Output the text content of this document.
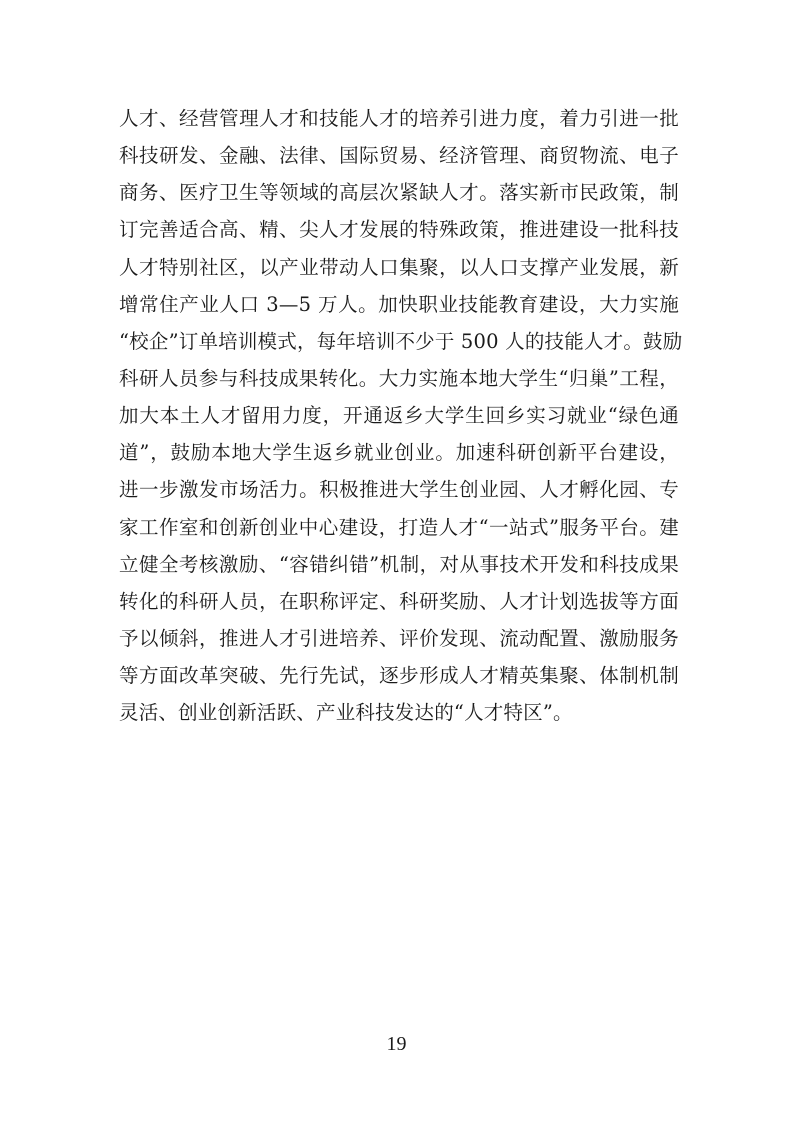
人才、经营管理人才和技能人才的培养引进力度，着力引进一批
科技研发、金融、法律、国际贸易、经济管理、商贸物流、电子
商务、医疗卫生等领域的高层次紧缺人才。落实新市民政策，制
订完善适合高、精、尖人才发展的特殊政策，推进建设一批科技
人才特别社区，以产业带动人口集聚，以人口支撑产业发展，新
增常住产业人口 3—5 万人。加快职业技能教育建设，大力实施
“校企”订单培训模式，每年培训不少于 500 人的技能人才。鼓励
科研人员参与科技成果转化。大力实施本地大学生“归巢”工程，
加大本土人才留用力度，开通返乡大学生回乡实习就业“绿色通
道”，鼓励本地大学生返乡就业创业。加速科研创新平台建设，
进一步激发市场活力。积极推进大学生创业园、人才孵化园、专
家工作室和创新创业中心建设，打造人才“一站式”服务平台。建
立健全考核激励、“容错纠错”机制，对从事技术开发和科技成果
转化的科研人员，在职称评定、科研奖励、人才计划选拔等方面
予以倾斜，推进人才引进培养、评价发现、流动配置、激励服务
等方面改革突破、先行先试，逐步形成人才精英集聚、体制机制
灵活、创业创新活跃、产业科技发达的“人才特区”。
19
